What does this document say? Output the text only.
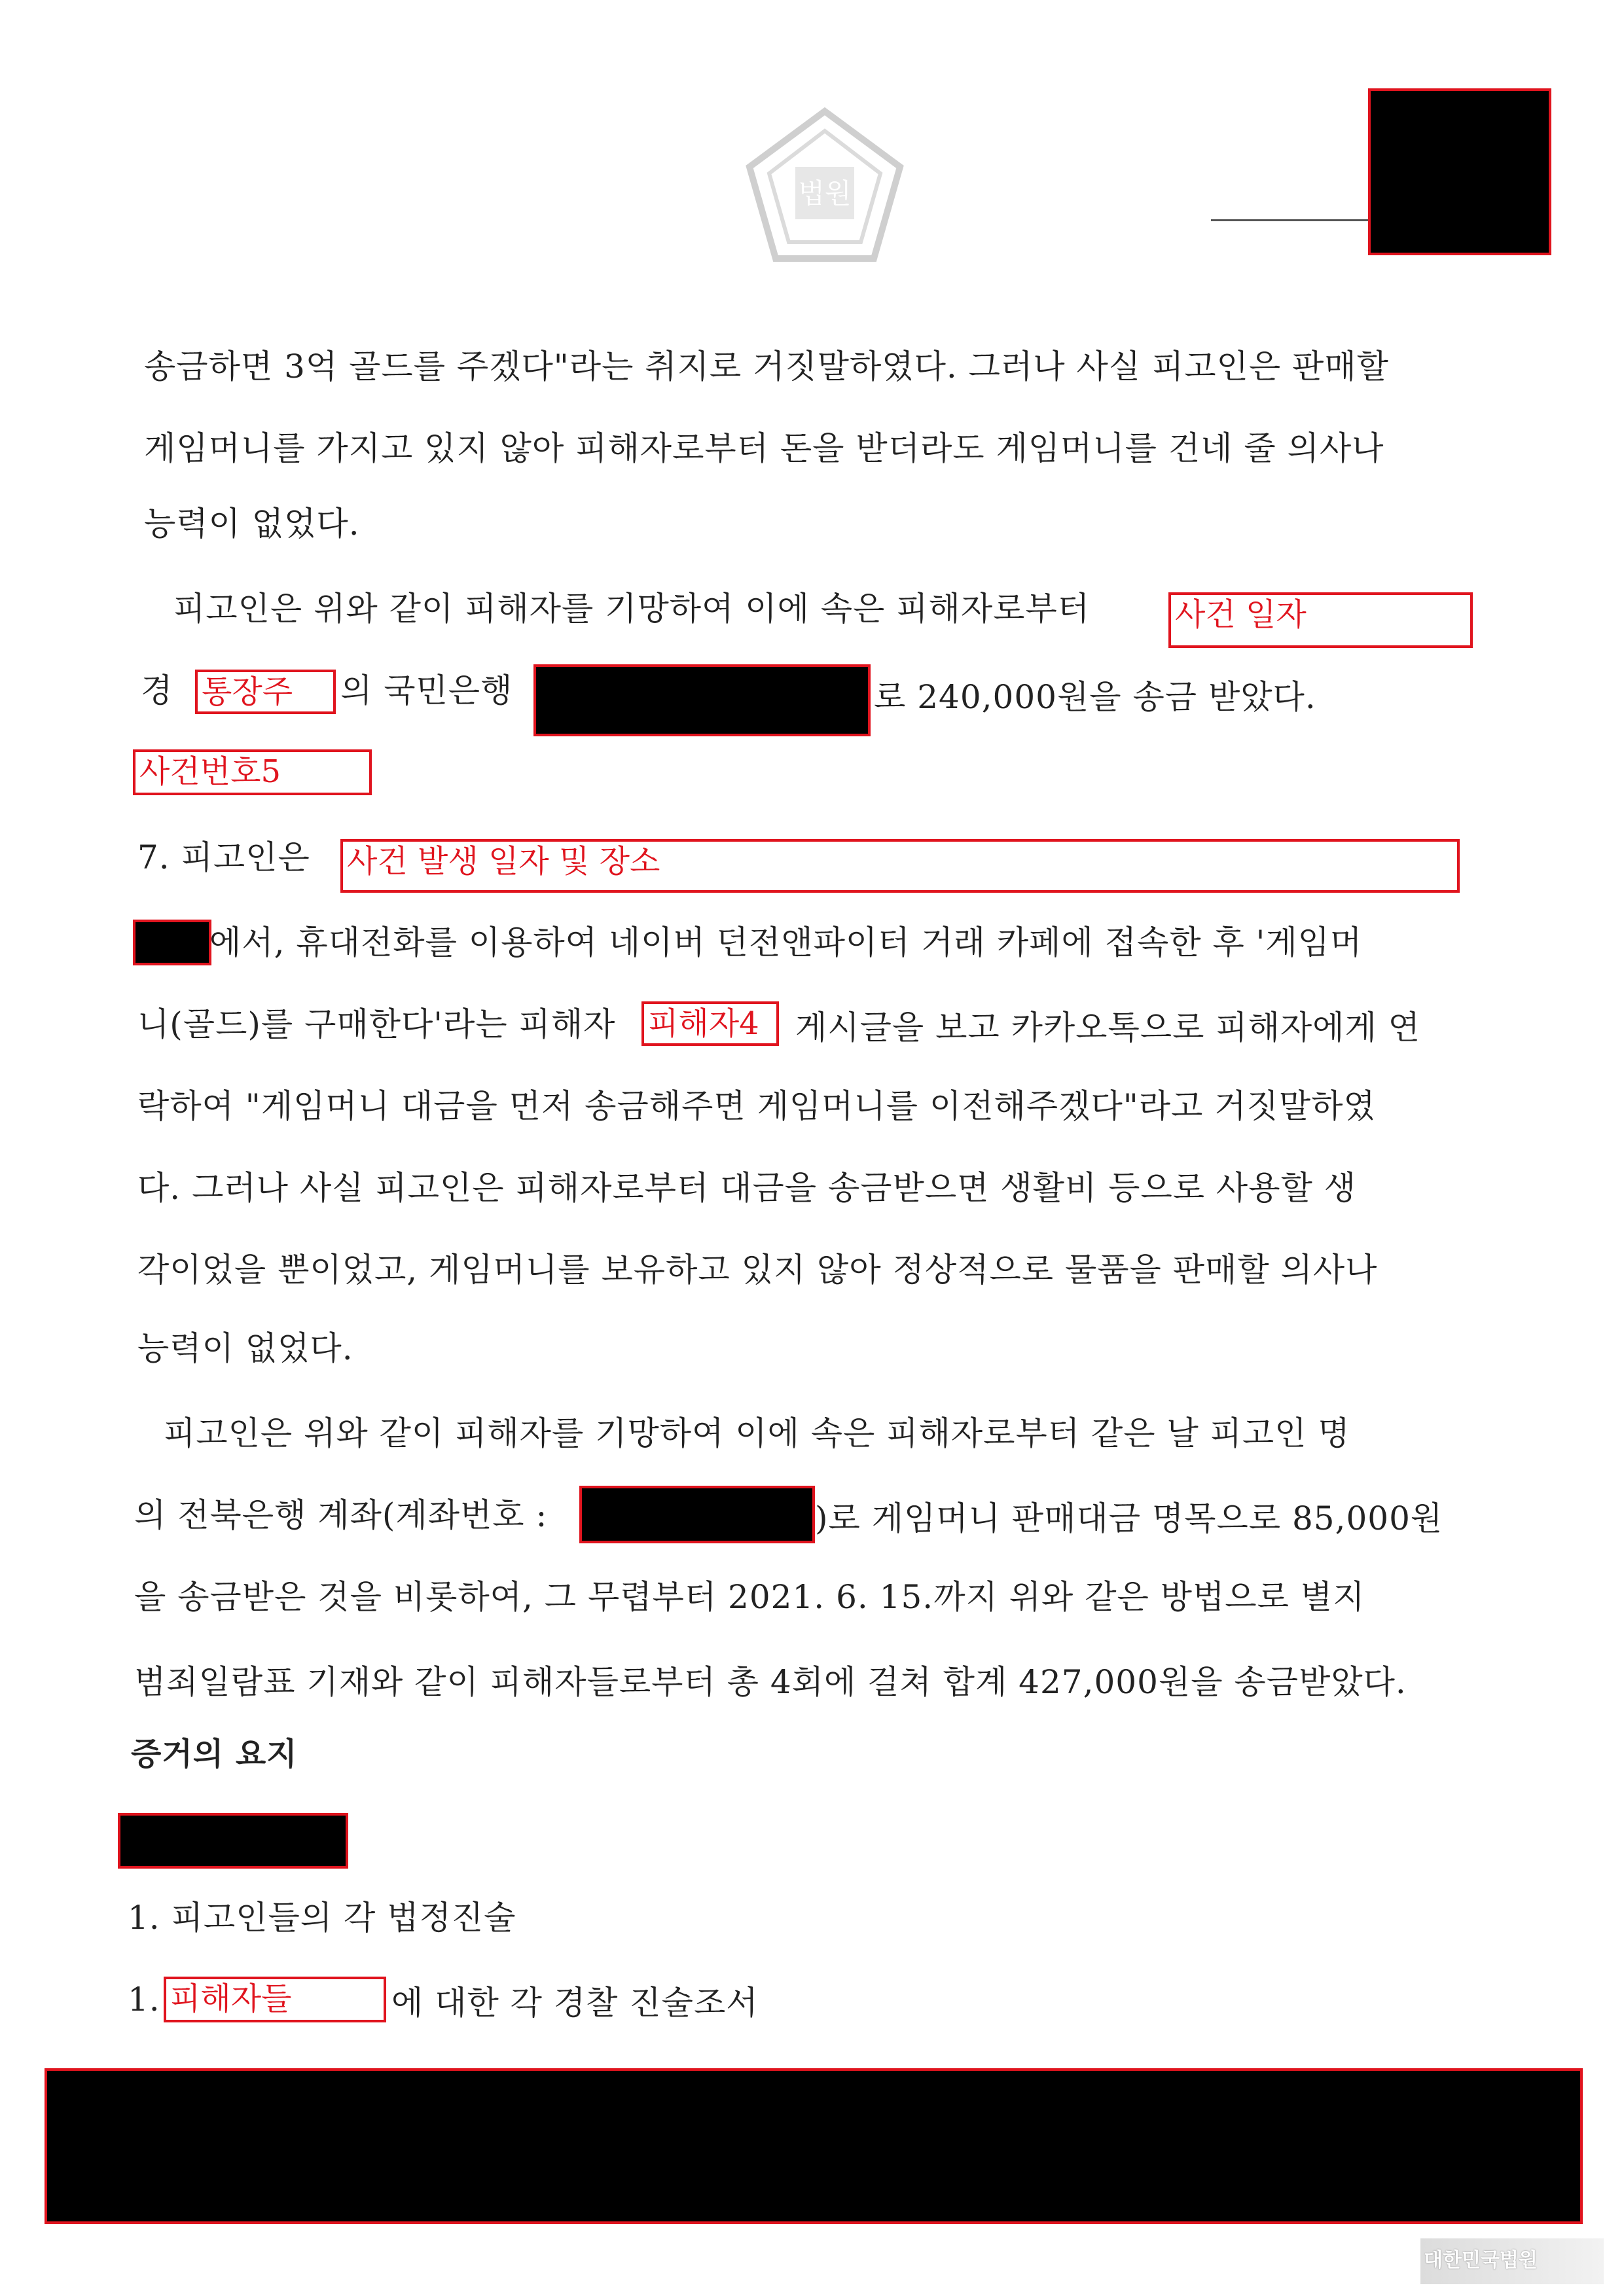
법원
송금하면 3억 골드를 주겠다"라는 취지로 거짓말하였다. 그러나 사실 피고인은 판매할
게임머니를 가지고 있지 않아 피해자로부터 돈을 받더라도 게임머니를 건네 줄 의사나
능력이 없었다.
피고인은 위와 같이 피해자를 기망하여 이에 속은 피해자로부터	사건 일자
경 통장주	의 국민은행	로 240,000원을 송금 받았다.
사건번호5
7. 피고인은 사건 발생 일자 및 장소
에서, 휴대전화를 이용하여 네이버 던전앤파이터 거래 카페에 접속한 후 '게임머
니(골드)를 구매한다'라는 피해자 피해자4	게시글을 보고 카카오톡으로 피해자에게 연
락하여 "게임머니 대금을 먼저 송금해주면 게임머니를 이전해주겠다"라고 거짓말하였
다. 그러나 사실 피고인은 피해자로부터 대금을 송금받으면 생활비 등으로 사용할 생
각이었을 뿐이었고, 게임머니를 보유하고 있지 않아 정상적으로 물품을 판매할 의사나
능력이 없었다.
피고인은 위와 같이 피해자를 기망하여 이에 속은 피해자로부터 같은 날 피고인 명
의 전북은행 계좌(계좌번호 :	)로 게임머니 판매대금 명목으로 85,000원
을 송금받은 것을 비롯하여, 그 무렵부터 2021. 6. 15.까지 위와 같은 방법으로 별지
범죄일람표 기재와 같이 피해자들로부터 총 4회에 걸쳐 합계 427,000원을 송금받았다.
증거의 요지
1. 피고인들의 각 법정진술
1. 피해자들	에 대한 각 경찰 진술조서
대한민국법원
